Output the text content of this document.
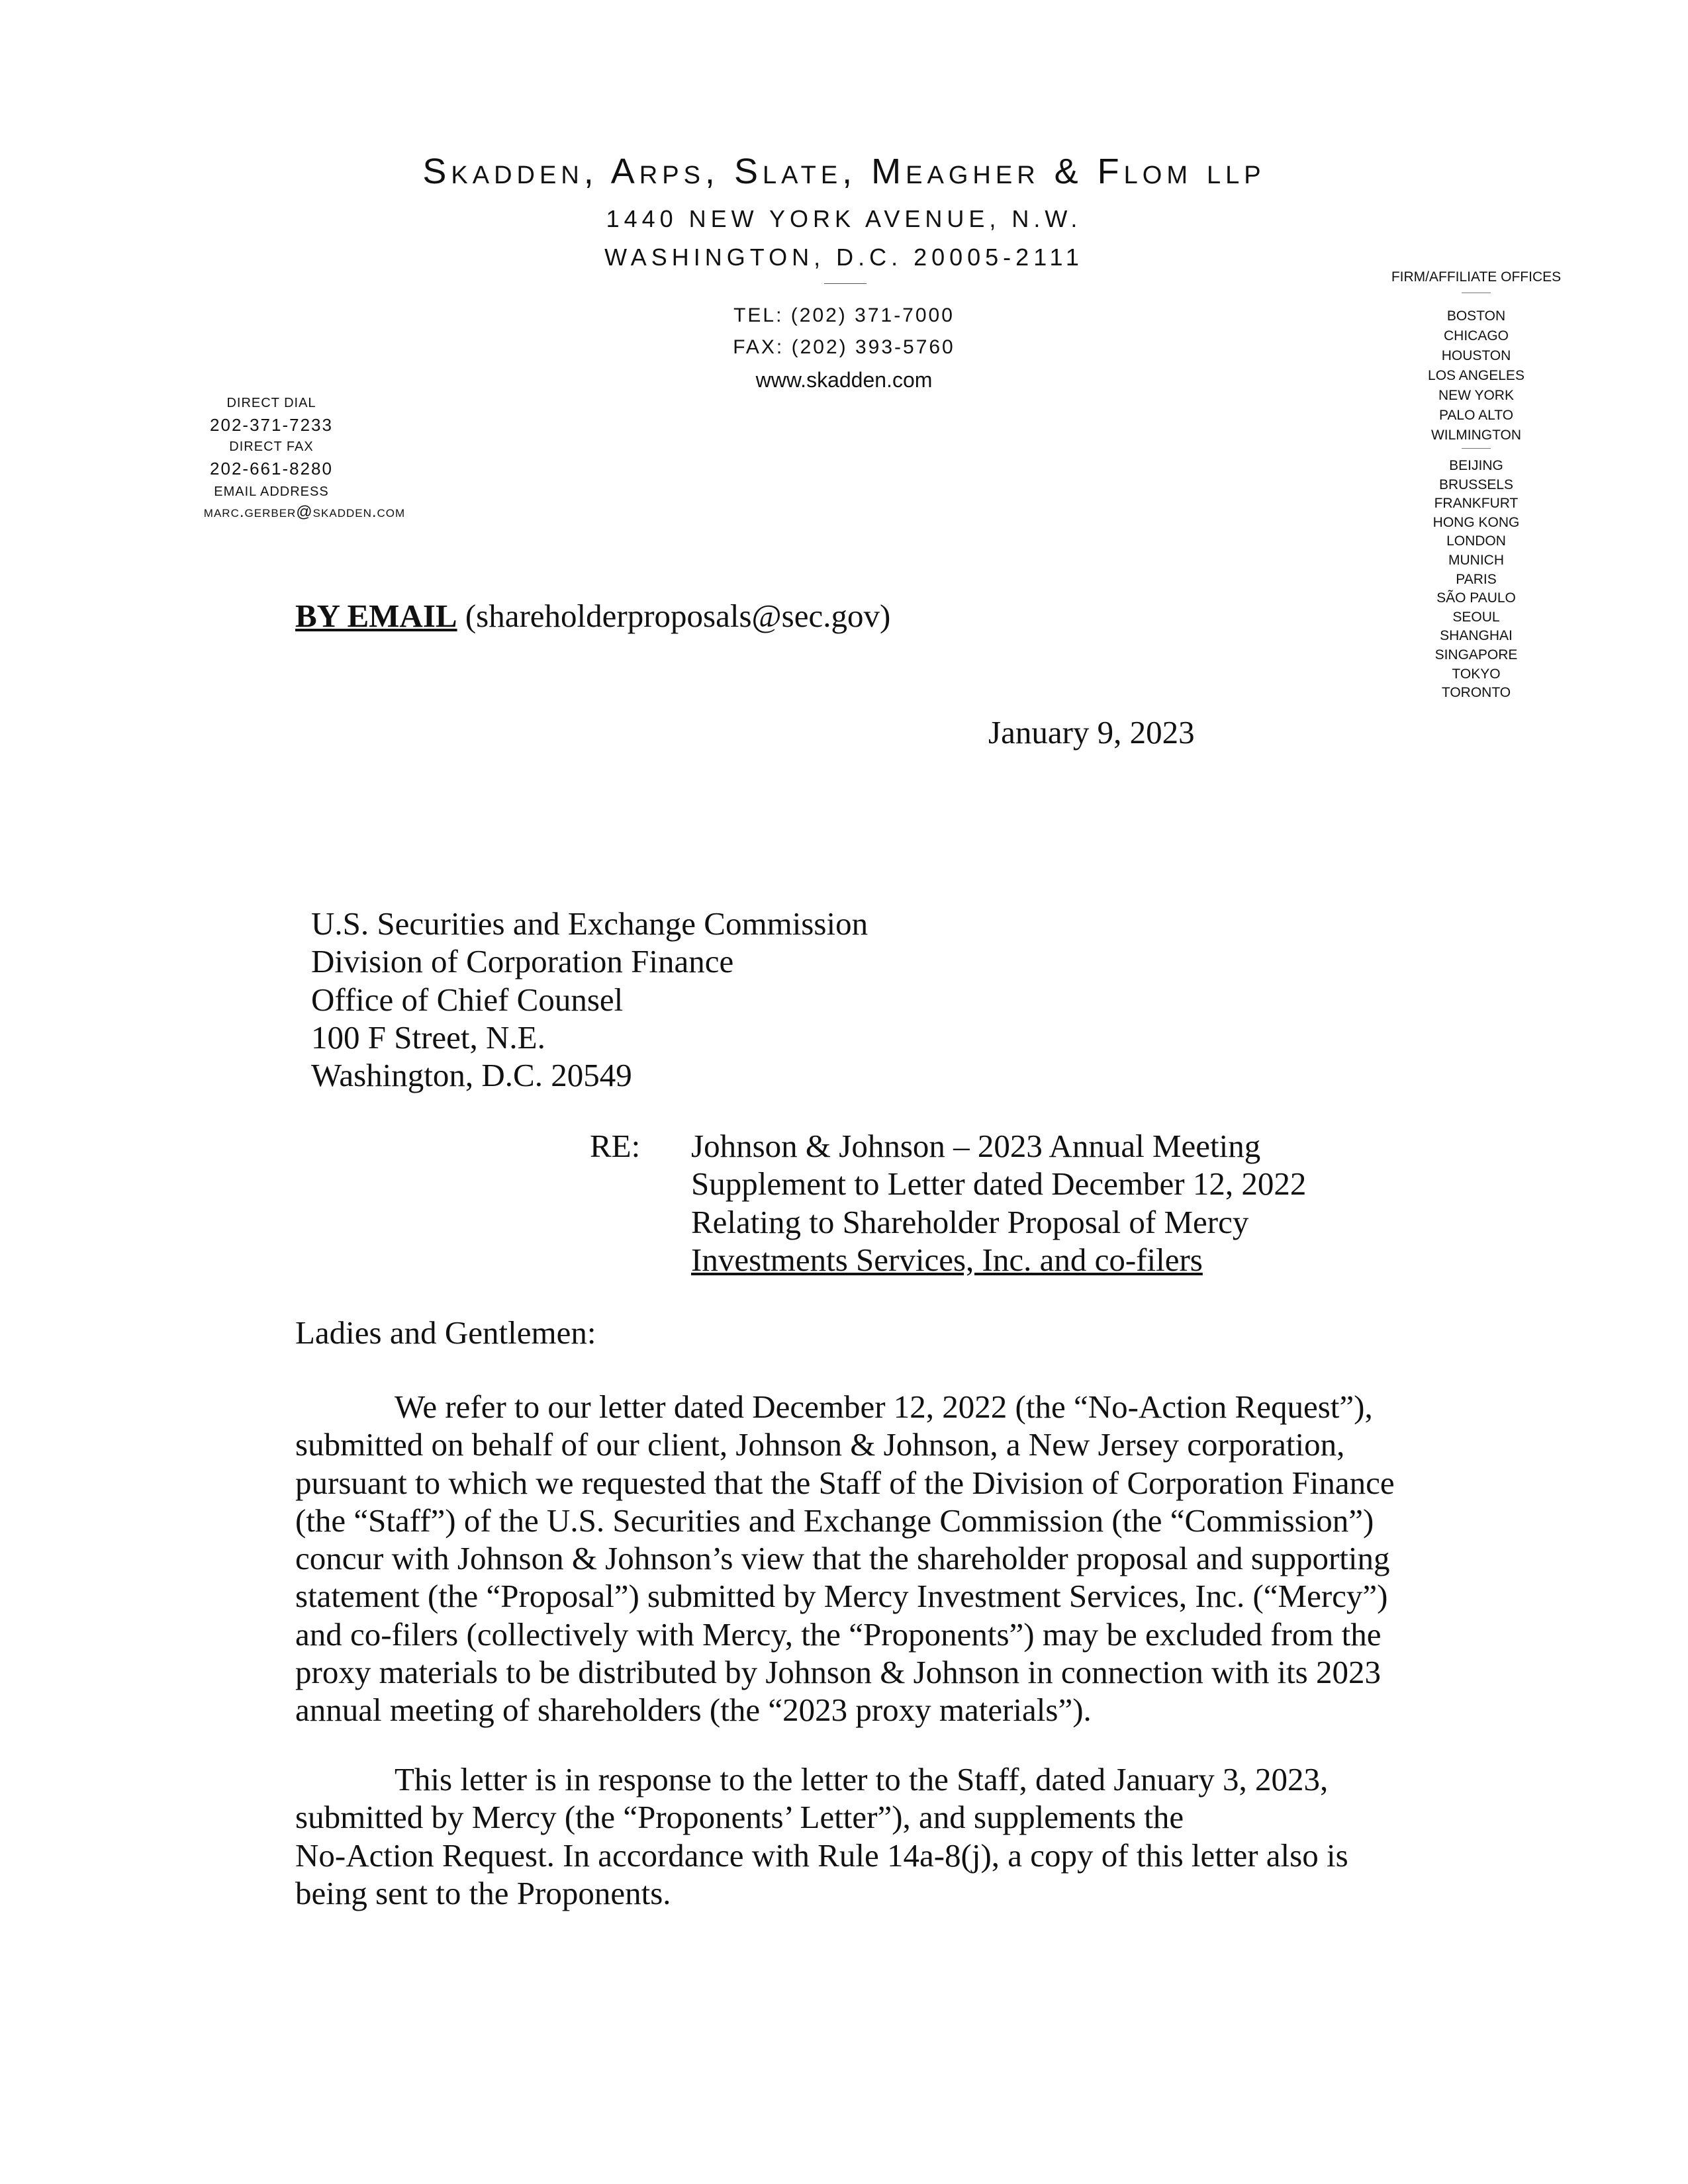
Skadden, Arps, Slate, Meagher & Flom llp
1440 NEW YORK AVENUE, N.W.
WASHINGTON, D.C. 20005-2111
TEL: (202) 371-7000
FAX: (202) 393-5760
www.skadden.com
DIRECT DIAL
202-371-7233
DIRECT FAX
202-661-8280
EMAIL ADDRESS
marc.gerber@skadden.com
FIRM/AFFILIATE OFFICES
BOSTON
CHICAGO
HOUSTON
LOS ANGELES
NEW YORK
PALO ALTO
WILMINGTON
BEIJING
BRUSSELS
FRANKFURT
HONG KONG
LONDON
MUNICH
PARIS
SÃO PAULO
SEOUL
SHANGHAI
SINGAPORE
TOKYO
TORONTO
BY EMAIL (shareholderproposals@sec.gov)
January 9, 2023
U.S. Securities and Exchange Commission
Division of Corporation Finance
Office of Chief Counsel
100 F Street, N.E.
Washington, D.C. 20549
RE: Johnson & Johnson – 2023 Annual Meeting
Supplement to Letter dated December 12, 2022
Relating to Shareholder Proposal of Mercy
Investments Services, Inc. and co-filers
Ladies and Gentlemen:
We refer to our letter dated December 12, 2022 (the “No-Action Request”),
submitted on behalf of our client, Johnson & Johnson, a New Jersey corporation,
pursuant to which we requested that the Staff of the Division of Corporation Finance
(the “Staff”) of the U.S. Securities and Exchange Commission (the “Commission”)
concur with Johnson & Johnson’s view that the shareholder proposal and supporting
statement (the “Proposal”) submitted by Mercy Investment Services, Inc. (“Mercy”)
and co-filers (collectively with Mercy, the “Proponents”) may be excluded from the
proxy materials to be distributed by Johnson & Johnson in connection with its 2023
annual meeting of shareholders (the “2023 proxy materials”).
This letter is in response to the letter to the Staff, dated January 3, 2023,
submitted by Mercy (the “Proponents’ Letter”), and supplements the
No-Action Request. In accordance with Rule 14a-8(j), a copy of this letter also is
being sent to the Proponents.
